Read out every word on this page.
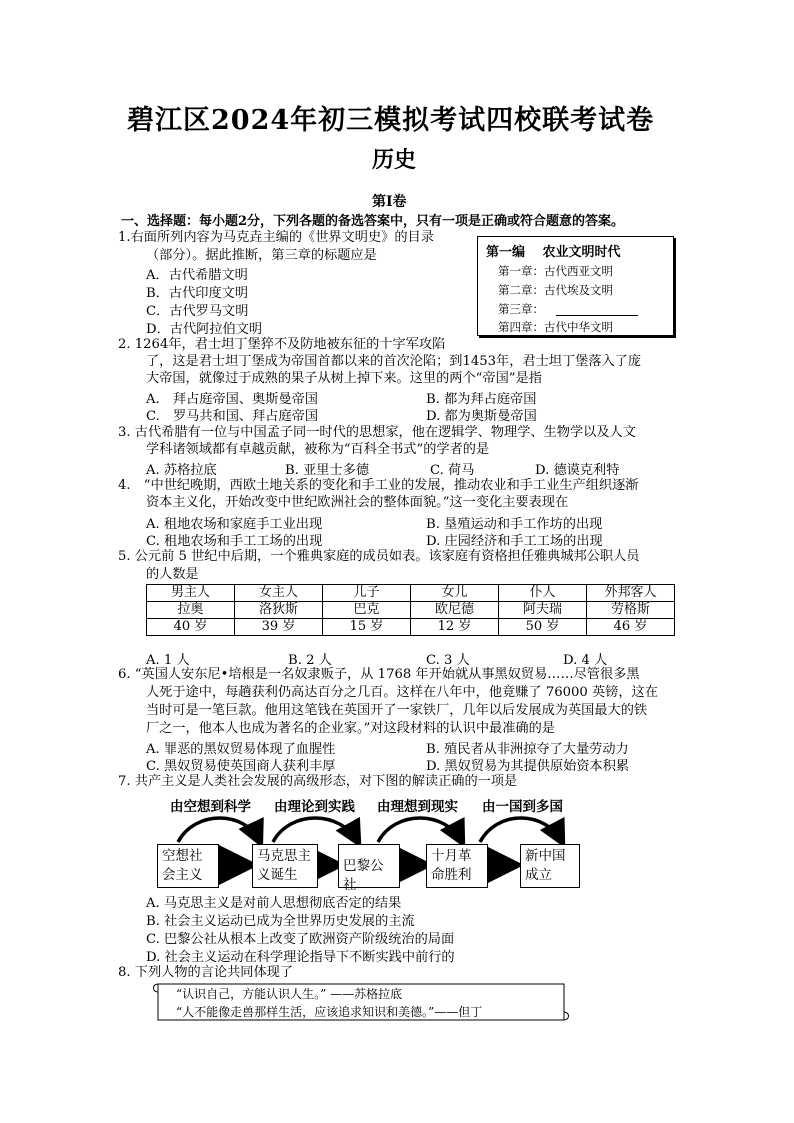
碧江区2024年初三模拟考试四校联考试卷
历史
第Ⅰ卷
一、选择题：每小题2分，下列各题的备选答案中，只有一项是正确或符合题意的答案。
1.右面所列内容为马克垚主编的《世界文明史》的目录
（部分）。据此推断，第三章的标题应是
A．古代希腊文明
B．古代印度文明
C．古代罗马文明
D．古代阿拉伯文明
第一编　 农业文明时代
第一章：古代西亚文明
第二章：古代埃及文明
第三章：
第四章：古代中华文明
2. 1264年，君士坦丁堡猝不及防地被东征的十字军攻陷
了，这是君士坦丁堡成为帝国首都以来的首次沦陷；到1453年，君士坦丁堡落入了庞
大帝国，就像过于成熟的果子从树上掉下来。这里的两个“帝国”是指
A.　拜占庭帝国、奥斯曼帝国	B. 都为拜占庭帝国
C.　罗马共和国、拜占庭帝国	D. 都为奥斯曼帝国
3. 古代希腊有一位与中国孟子同一时代的思想家，他在逻辑学、物理学、生物学以及人文
学科诸领域都有卓越贡献，被称为“百科全书式”的学者的是
A. 苏格拉底	B. 亚里士多德	C. 荷马	D. 德谟克利特
4.　“中世纪晚期，西欧土地关系的变化和手工业的发展，推动农业和手工业生产组织逐渐
资本主义化，开始改变中世纪欧洲社会的整体面貌。”这一变化主要表现在
A. 租地农场和家庭手工业出现	B. 垦殖运动和手工作坊的出现
C. 租地农场和手工工场的出现	D. 庄园经济和手工工场的出现
5. 公元前 5 世纪中后期，一个雅典家庭的成员如表。该家庭有资格担任雅典城邦公职人员
的人数是
男主人	女主人	儿子	女儿	仆人	外邦客人
拉奥	洛狄斯	巴克	欧尼德	阿夫瑞	劳格斯
40 岁	39 岁	15 岁	12 岁	50 岁	46 岁
A. 1 人	B. 2 人	C. 3 人	D. 4 人
6. “英国人安东尼•培根是一名奴隶贩子，从 1768 年开始就从事黑奴贸易……尽管很多黑
人死于途中，每趟获利仍高达百分之几百。这样在八年中，他竟赚了 76000 英镑，这在
当时可是一笔巨款。他用这笔钱在英国开了一家铁厂，几年以后发展成为英国最大的铁
厂之一，他本人也成为著名的企业家。”对这段材料的认识中最准确的是
A. 罪恶的黑奴贸易体现了血腥性	B. 殖民者从非洲掠夺了大量劳动力
C. 黑奴贸易使英国商人获利丰厚	D. 黑奴贸易为其提供原始资本积累
7. 共产主义是人类社会发展的高级形态，对下图的解读正确的一项是
由空想到科学 由理论到实践 由理想到现实 由一国到多国
空想社
会主义
马克思主
义诞生
巴黎公社
十月革
命胜利
新中国
成立
A. 马克思主义是对前人思想彻底否定的结果
B. 社会主义运动已成为全世界历史发展的主流
C. 巴黎公社从根本上改变了欧洲资产阶级统治的局面
D. 社会主义运动在科学理论指导下不断实践中前行的
8. 下列人物的言论共同体现了
“认识自己，方能认识人生。” ——苏格拉底
“人不能像走兽那样生活，应该追求知识和美德。”——但丁
